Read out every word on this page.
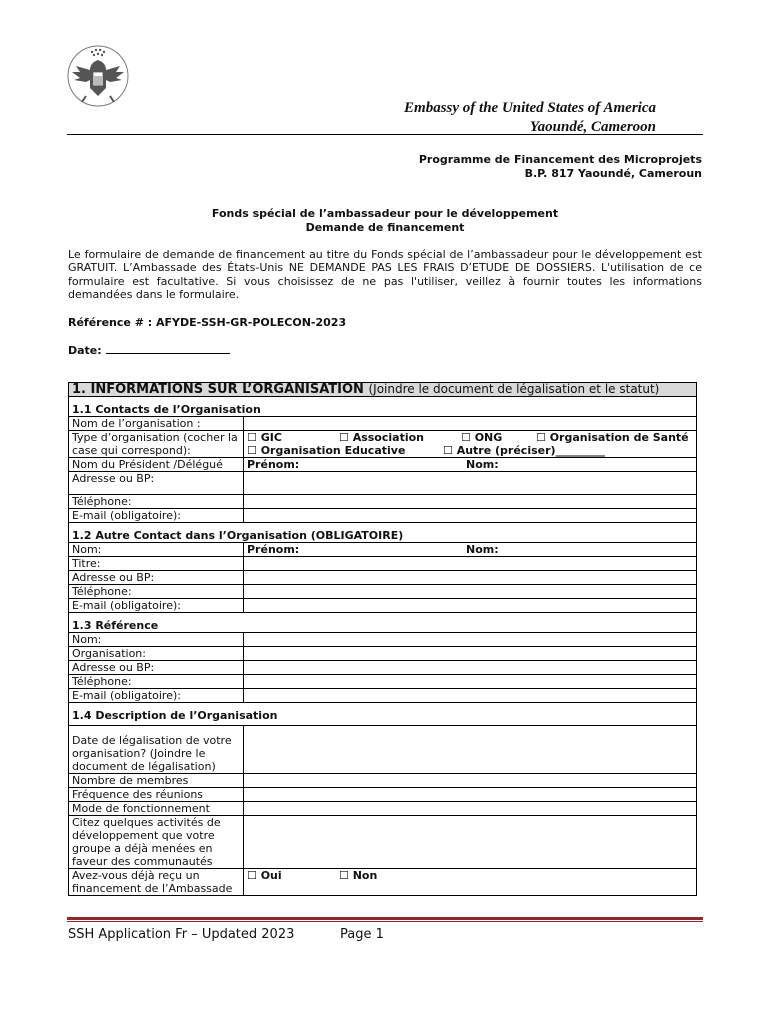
Embassy of the United States of America
Yaoundé, Cameroon
Programme de Financement des Microprojets
B.P. 817 Yaoundé, Cameroun
Fonds spécial de l’ambassadeur pour le développement
Demande de financement
Le formulaire de demande de financement au titre du Fonds spécial de l’ambassadeur pour le développement est GRATUIT. L’Ambassade des États-Unis NE DEMANDE PAS LES FRAIS D’ETUDE DE DOSSIERS. L'utilisation de ce formulaire est facultative. Si vous choisissez de ne pas l'utiliser, veillez à fournir toutes les informations demandées dans le formulaire.
Référence # : AFYDE-SSH-GR-POLECON-2023
Date:
1. INFORMATIONS SUR L’ORGANISATION (Joindre le document de légalisation et le statut)	
1.1 Contacts de l’Organisation	
Nom de l’organisation :	
Type d’organisation (cocher la case qui correspond):	☐ GIC ☐ Association ☐ ONG ☐ Organisation de Santé
☐ Organisation Educative ☐ Autre (préciser)_________

Nom du Président /Délégué	Prénom: Nom:
Adresse ou BP:	
Téléphone:	
E-mail (obligatoire):	
1.2 Autre Contact dans l’Organisation (OBLIGATOIRE)	
Nom:	Prénom: Nom:
Titre:	
Adresse ou BP:	
Téléphone:	
E-mail (obligatoire):	
1.3 Référence	
Nom:	
Organisation:	
Adresse ou BP:	
Téléphone:	
E-mail (obligatoire):	
1.4 Description de l’Organisation	
Date de légalisation de votre organisation? (Joindre le document de légalisation)	
Nombre de membres	
Fréquence des réunions	
Mode de fonctionnement	
Citez quelques activités de développement que votre groupe a déjà menées en faveur des communautés	
Avez-vous déjà reçu un financement de l’Ambassade	☐ Oui ☐ Non
SSH Application Fr – Updated 2023	Page 1
